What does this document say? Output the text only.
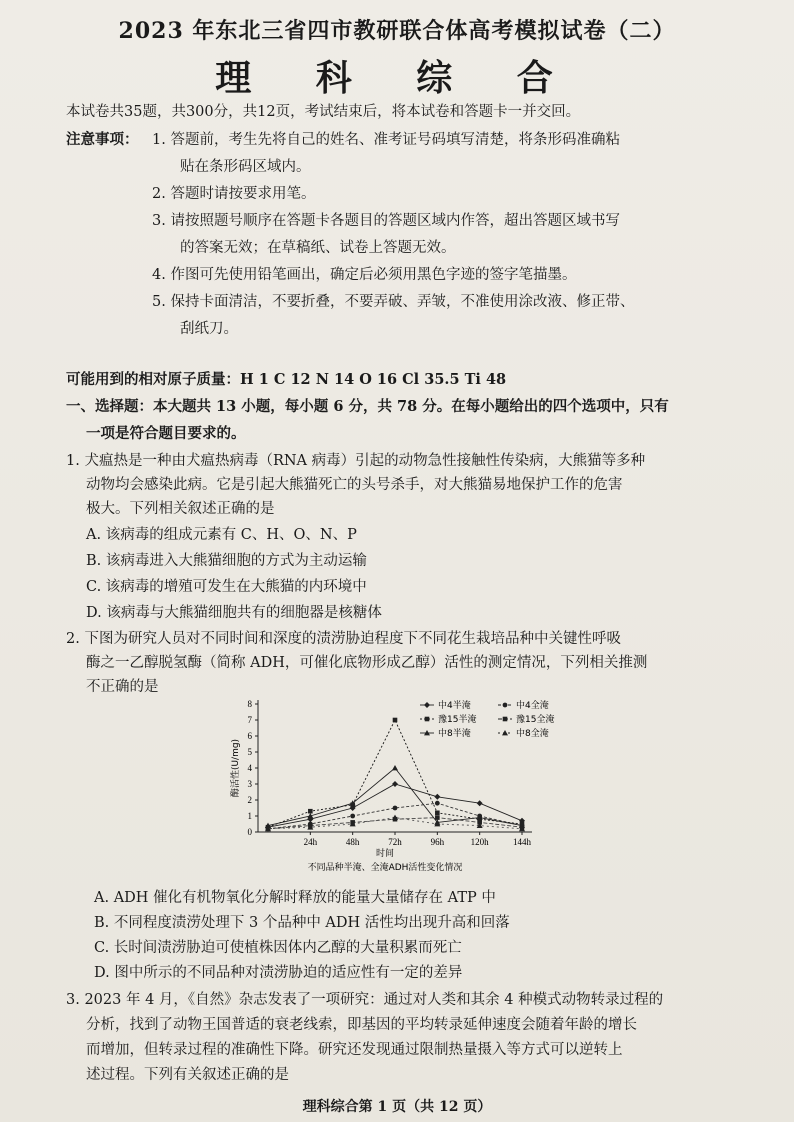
2023 年东北三省四市教研联合体高考模拟试卷（二）
理 科 综 合
本试卷共35题，共300分，共12页，考试结束后，将本试卷和答题卡一并交回。
注意事项： 1. 答题前，考生先将自己的姓名、准考证号码填写清楚，将条形码准确粘
贴在条形码区域内。
2. 答题时请按要求用笔。
3. 请按照题号顺序在答题卡各题目的答题区域内作答，超出答题区域书写
的答案无效；在草稿纸、试卷上答题无效。
4. 作图可先使用铅笔画出，确定后必须用黑色字迹的签字笔描墨。
5. 保持卡面清洁，不要折叠，不要弄破、弄皱，不准使用涂改液、修正带、
刮纸刀。
可能用到的相对原子质量：H 1 C 12 N 14 O 16 Cl 35.5 Ti 48
一、选择题：本大题共 13 小题，每小题 6 分，共 78 分。在每小题给出的四个选项中，只有
一项是符合题目要求的。
1. 犬瘟热是一种由犬瘟热病毒（RNA 病毒）引起的动物急性接触性传染病，大熊猫等多种
动物均会感染此病。它是引起大熊猫死亡的头号杀手，对大熊猫易地保护工作的危害
极大。下列相关叙述正确的是
A. 该病毒的组成元素有 C、H、O、N、P
B. 该病毒进入大熊猫细胞的方式为主动运输
C. 该病毒的增殖可发生在大熊猫的内环境中
D. 该病毒与大熊猫细胞共有的细胞器是核糖体
2. 下图为研究人员对不同时间和深度的渍涝胁迫程度下不同花生栽培品种中关键性呼吸
酶之一乙醇脱氢酶（简称 ADH，可催化底物形成乙醇）活性的测定情况，下列相关推测
不正确的是
0
1
2
3
4
5
6
7
8
24h	48h	72h	96h	120h	144h
酶活性(U/mg)
时间
不同品种半淹、全淹ADH活性变化情况
中4半淹	中4全淹
豫15半淹	豫15全淹
中8半淹	中8全淹
A. ADH 催化有机物氧化分解时释放的能量大量储存在 ATP 中
B. 不同程度渍涝处理下 3 个品种中 ADH 活性均出现升高和回落
C. 长时间渍涝胁迫可使植株因体内乙醇的大量积累而死亡
D. 图中所示的不同品种对渍涝胁迫的适应性有一定的差异
3. 2023 年 4 月，《自然》杂志发表了一项研究：通过对人类和其余 4 种模式动物转录过程的
分析，找到了动物王国普适的衰老线索，即基因的平均转录延伸速度会随着年龄的增长
而增加，但转录过程的准确性下降。研究还发现通过限制热量摄入等方式可以逆转上
述过程。下列有关叙述正确的是
理科综合第 1 页（共 12 页）
